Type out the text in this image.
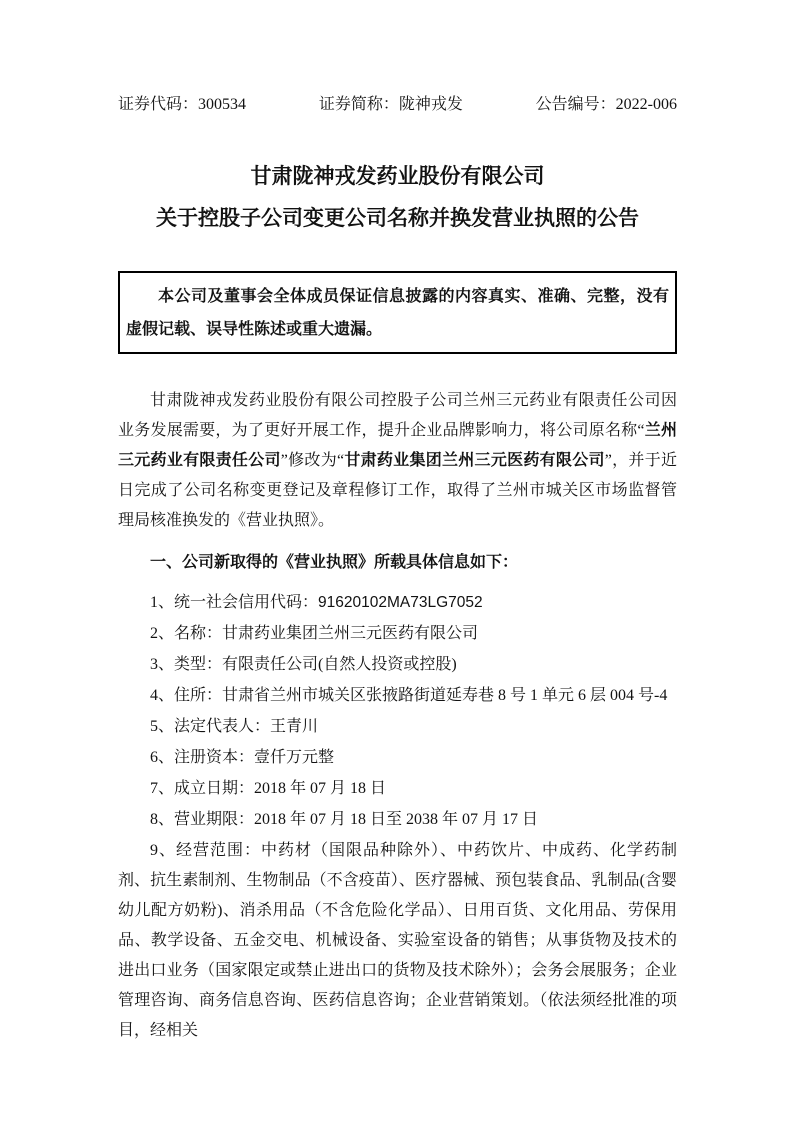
证券代码：300534	证券简称：陇神戎发	公告编号：2022-006
甘肃陇神戎发药业股份有限公司
关于控股子公司变更公司名称并换发营业执照的公告

本公司及董事会全体成员保证信息披露的内容真实、准确、完整，没有虚假记载、误导性陈述或重大遗漏。

甘肃陇神戎发药业股份有限公司控股子公司兰州三元药业有限责任公司因业务发展需要，为了更好开展工作，提升企业品牌影响力，将公司原名称“兰州三元药业有限责任公司”修改为“甘肃药业集团兰州三元医药有限公司”，并于近日完成了公司名称变更登记及章程修订工作，取得了兰州市城关区市场监督管理局核准换发的《营业执照》。

一、公司新取得的《营业执照》所载具体信息如下：

1、统一社会信用代码：91620102MA73LG7052

2、名称：甘肃药业集团兰州三元医药有限公司

3、类型：有限责任公司(自然人投资或控股)

4、住所：甘肃省兰州市城关区张掖路街道延寿巷 8 号 1 单元 6 层 004 号-4

5、法定代表人：王青川

6、注册资本：壹仟万元整

7、成立日期：2018 年 07 月 18 日

8、营业期限：2018 年 07 月 18 日至 2038 年 07 月 17 日

9、经营范围：中药材（国限品种除外）、中药饮片、中成药、化学药制剂、抗生素制剂、生物制品（不含疫苗）、医疗器械、预包装食品、乳制品(含婴幼儿配方奶粉)、消杀用品（不含危险化学品）、日用百货、文化用品、劳保用品、教学设备、五金交电、机械设备、实验室设备的销售；从事货物及技术的进出口业务（国家限定或禁止进出口的货物及技术除外）；会务会展服务；企业管理咨询、商务信息咨询、医药信息咨询；企业营销策划。（依法须经批准的项目，经相关
